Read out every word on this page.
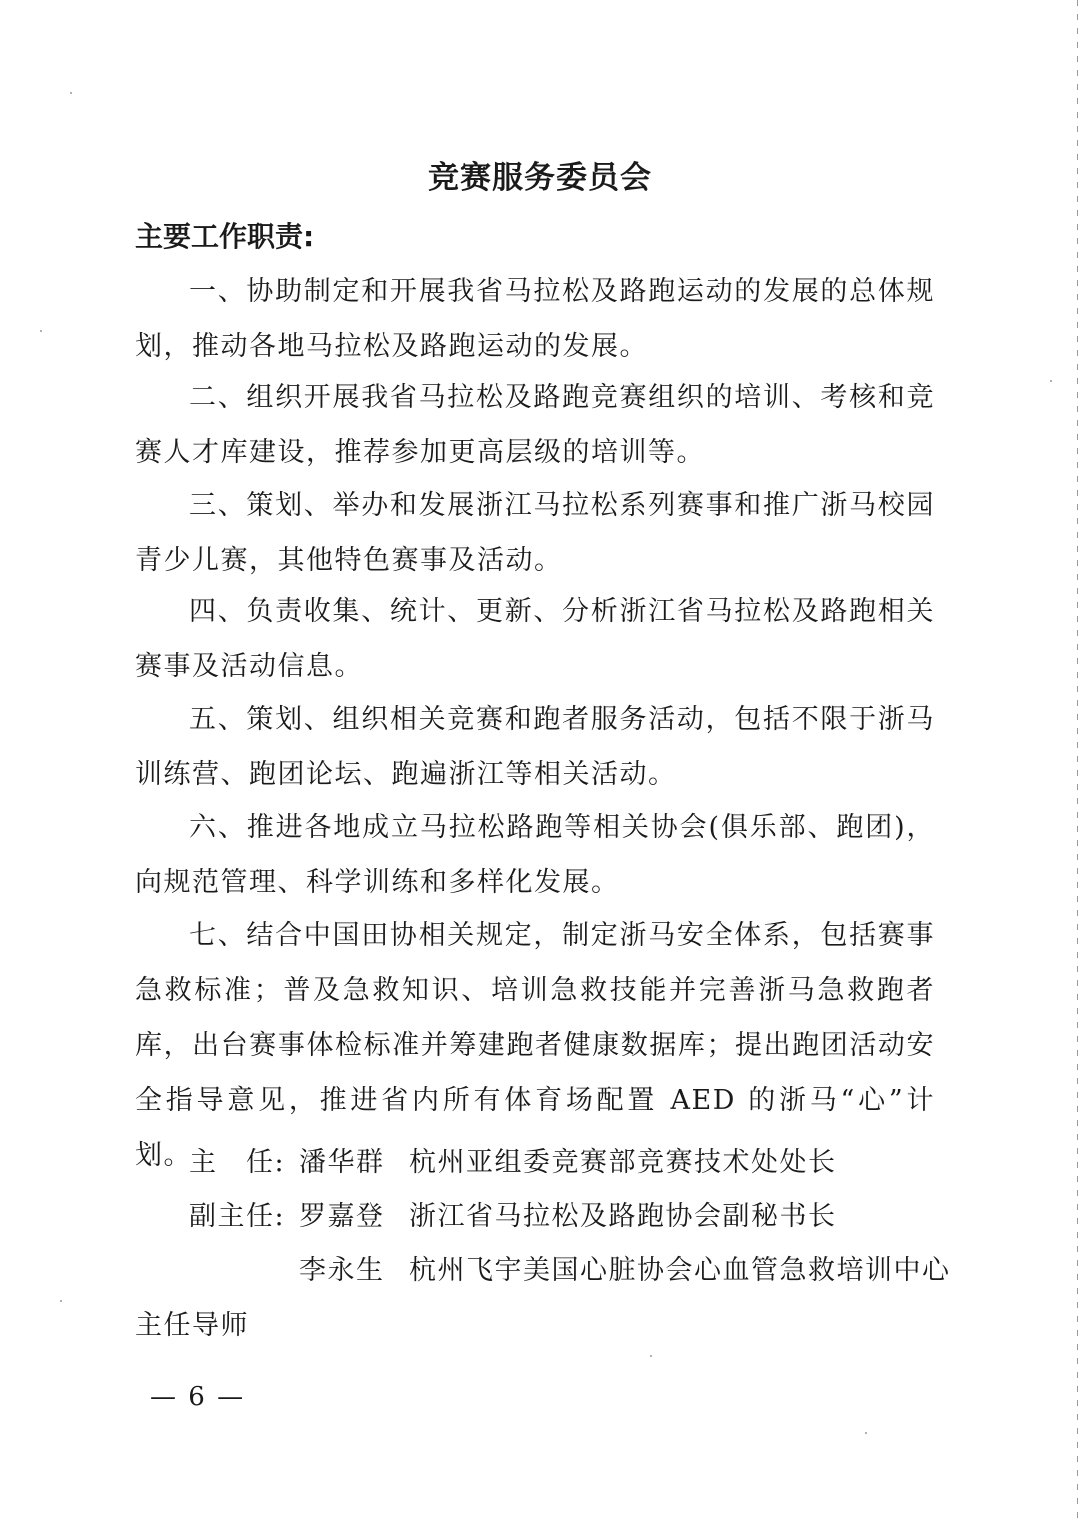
竞赛服务委员会
主要工作职责:

一、协助制定和开展我省马拉松及路跑运动的发展的总体规划，推动各地马拉松及路跑运动的发展。

二、组织开展我省马拉松及路跑竞赛组织的培训、考核和竞赛人才库建设，推荐参加更高层级的培训等。

三、策划、举办和发展浙江马拉松系列赛事和推广浙马校园青少儿赛，其他特色赛事及活动。

四、负责收集、统计、更新、分析浙江省马拉松及路跑相关赛事及活动信息。

五、策划、组织相关竞赛和跑者服务活动，包括不限于浙马训练营、跑团论坛、跑遍浙江等相关活动。

六、推进各地成立马拉松路跑等相关协会(俱乐部、跑团)，向规范管理、科学训练和多样化发展。

七、结合中国田协相关规定，制定浙马安全体系，包括赛事急救标准；普及急救知识、培训急救技能并完善浙马急救跑者库，出台赛事体检标准并筹建跑者健康数据库；提出跑团活动安全指导意见，推进省内所有体育场配置 AED 的浙马“心”计划。

主　任: 潘华群 杭州亚组委竞赛部竞赛技术处处长
副主任: 罗嘉登 浙江省马拉松及路跑协会副秘书长
李永生 杭州飞宇美国心脏协会心血管急救培训中心
主任导师
— 6 —
